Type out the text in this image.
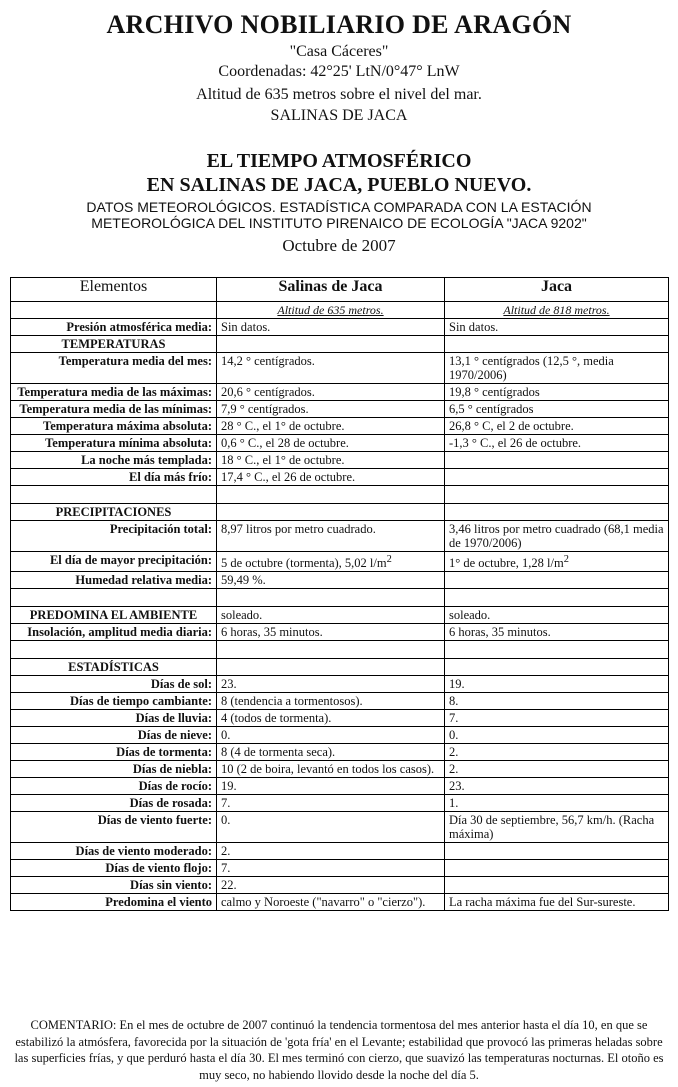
ARCHIVO NOBILIARIO DE ARAGÓN
"Casa Cáceres"
Coordenadas: 42°25' LtN/0°47° LnW
Altitud de 635 metros sobre el nivel del mar.
SALINAS DE JACA
EL TIEMPO ATMOSFÉRICO
EN SALINAS DE JACA, PUEBLO NUEVO.
DATOS METEOROLÓGICOS. ESTADÍSTICA COMPARADA CON LA ESTACIÓN
METEOROLÓGICA DEL INSTITUTO PIRENAICO DE ECOLOGÍA "JACA 9202"
Octubre de 2007
Elementos	Salinas de Jaca	Jaca
	Altitud de 635 metros.	Altitud de 818 metros.
Presión atmosférica media:	Sin datos.	Sin datos.
TEMPERATURAS		
Temperatura media del mes:	14,2 ° centígrados.	13,1 ° centígrados (12,5 °, media 1970/2006)
Temperatura media de las máximas:	20,6 ° centígrados.	19,8 ° centígrados
Temperatura media de las mínimas:	7,9 ° centígrados.	6,5 ° centígrados
Temperatura máxima absoluta:	28 ° C., el 1° de octubre.	26,8 ° C, el 2 de octubre.
Temperatura mínima absoluta:	0,6 ° C., el 28 de octubre.	-1,3 ° C., el 26 de octubre.
La noche más templada:	18 ° C., el 1° de octubre.	
El día más frío:	17,4 ° C., el 26 de octubre.	

PRECIPITACIONES		
Precipitación total:	8,97 litros por metro cuadrado.	3,46 litros por metro cuadrado (68,1 media de 1970/2006)
El día de mayor precipitación:	5 de octubre (tormenta), 5,02 $l/m^2$	1° de octubre, 1,28 $l/m^2$
Humedad relativa media:	59,49 %.	

PREDOMINA EL AMBIENTE	soleado.	soleado.
Insolación, amplitud media diaria:	6 horas, 35 minutos.	6 horas, 35 minutos.

ESTADÍSTICAS		
Días de sol:	23.	19.
Días de tiempo cambiante:	8 (tendencia a tormentosos).	8.
Días de lluvia:	4 (todos de tormenta).	7.
Días de nieve:	0.	0.
Días de tormenta:	8 (4 de tormenta seca).	2.
Días de niebla:	10 (2 de boira, levantó en todos los casos).	2.
Días de rocío:	19.	23.
Días de rosada:	7.	1.
Días de viento fuerte:	0.	Día 30 de septiembre, 56,7 km/h. (Racha máxima)
Días de viento moderado:	2.	
Días de viento flojo:	7.	
Días sin viento:	22.	
Predomina el viento	calmo y Noroeste ("navarro" o "cierzo").	La racha máxima fue del Sur-sureste.
COMENTARIO: En el mes de octubre de 2007 continuó la tendencia tormentosa del mes anterior hasta el día 10, en que se estabilizó la atmósfera, favorecida por la situación de 'gota fría' en el Levante; estabilidad que provocó las primeras heladas sobre las superficies frías, y que perduró hasta el día 30. El mes terminó con cierzo, que suavizó las temperaturas nocturnas. El otoño es muy seco, no habiendo llovido desde la noche del día 5.
